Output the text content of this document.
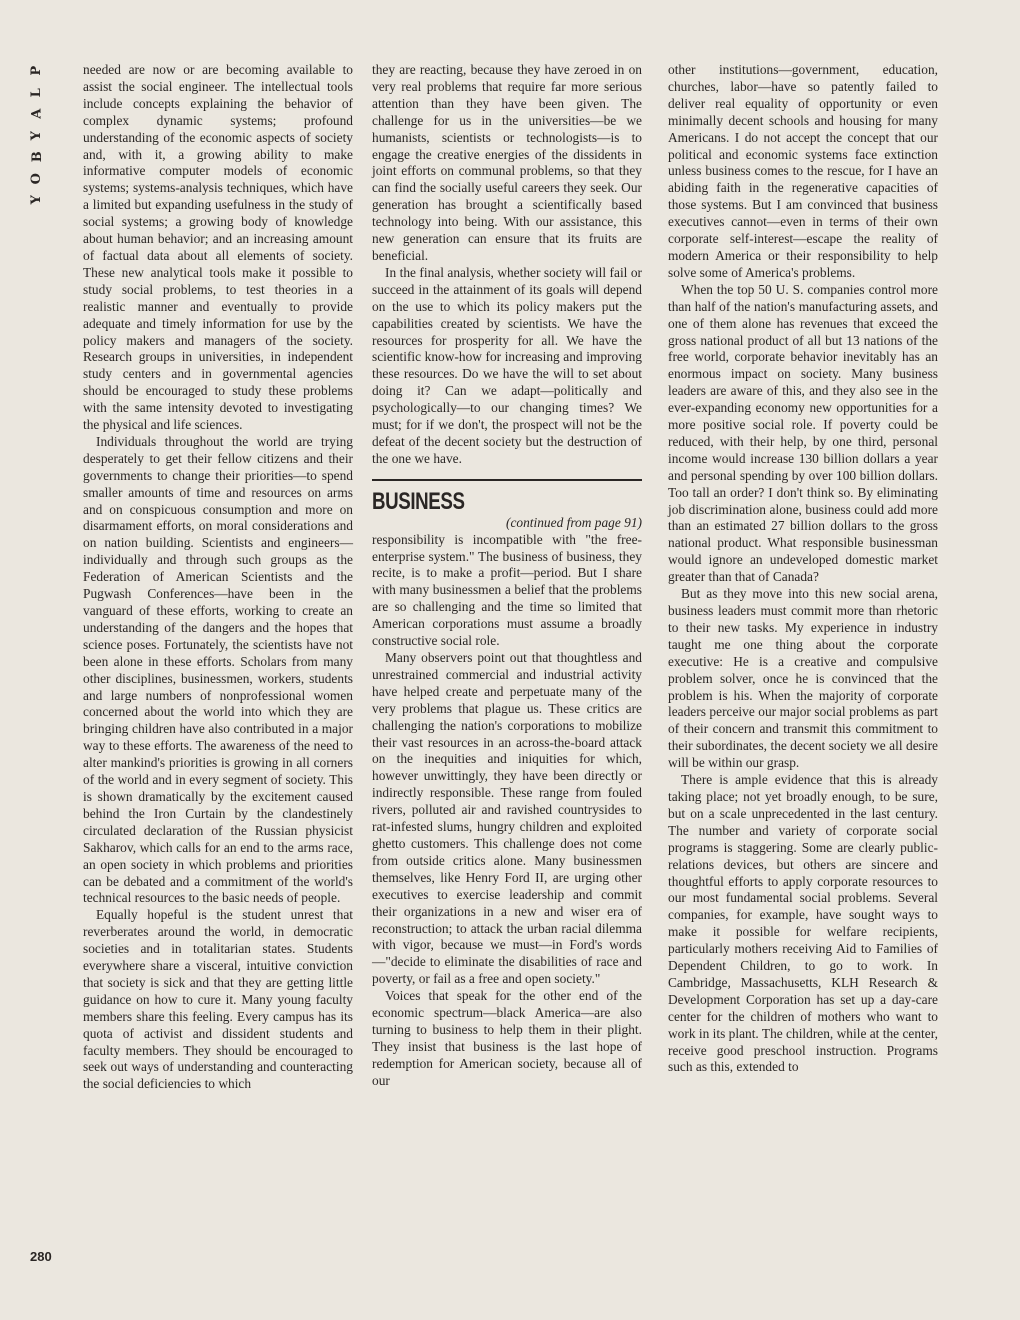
P
L
A
Y
B
O
Y
280

needed are now or are becoming available to assist the social engineer. The intellectual tools include concepts explaining the behavior of complex dynamic systems; profound understanding of the economic aspects of society and, with it, a growing ability to make informative computer models of economic systems; systems-analysis techniques, which have a limited but expanding usefulness in the study of social systems; a growing body of knowledge about human behavior; and an increasing amount of factual data about all elements of society. These new analytical tools make it possible to study social problems, to test theories in a realistic manner and eventually to provide adequate and timely information for use by the policy makers and managers of the society. Research groups in universities, in independent study centers and in governmental agencies should be encouraged to study these problems with the same intensity devoted to investigating the physical and life sciences.

Individuals throughout the world are trying desperately to get their fellow citizens and their governments to change their priorities—to spend smaller amounts of time and resources on arms and on conspicuous consumption and more on disarmament efforts, on moral considerations and on nation building. Scientists and engineers—individually and through such groups as the Federation of American Scientists and the Pugwash Conferences—have been in the vanguard of these efforts, working to create an understanding of the dangers and the hopes that science poses. Fortunately, the scientists have not been alone in these efforts. Scholars from many other disciplines, businessmen, workers, students and large numbers of nonprofessional women concerned about the world into which they are bringing children have also contributed in a major way to these efforts. The awareness of the need to alter mankind's priorities is growing in all corners of the world and in every segment of society. This is shown dramatically by the excitement caused behind the Iron Curtain by the clandestinely circulated declaration of the Russian physicist Sakharov, which calls for an end to the arms race, an open society in which problems and priorities can be debated and a commitment of the world's technical resources to the basic needs of people.

Equally hopeful is the student unrest that reverberates around the world, in democratic societies and in totalitarian states. Students everywhere share a visceral, intuitive conviction that society is sick and that they are getting little guidance on how to cure it. Many young faculty members share this feeling. Every campus has its quota of activist and dissident students and faculty members. They should be encouraged to seek out ways of understanding and counteracting the social deficiencies to which

they are reacting, because they have zeroed in on very real problems that require far more serious attention than they have been given. The challenge for us in the universities—be we humanists, scientists or technologists—is to engage the creative energies of the dissidents in joint efforts on communal problems, so that they can find the socially useful careers they seek. Our generation has brought a scientifically based technology into being. With our assistance, this new generation can ensure that its fruits are beneficial.

In the final analysis, whether society will fail or succeed in the attainment of its goals will depend on the use to which its policy makers put the capabilities created by scientists. We have the resources for prosperity for all. We have the scientific know-how for increasing and improving these resources. Do we have the will to set about doing it? Can we adapt—politically and psychologically—to our changing times? We must; for if we don't, the prospect will not be the defeat of the decent society but the destruction of the one we have.

BUSINESS

(continued from page 91)

responsibility is incompatible with "the free-enterprise system." The business of business, they recite, is to make a profit—period. But I share with many businessmen a belief that the problems are so challenging and the time so limited that American corporations must assume a broadly constructive social role.

Many observers point out that thoughtless and unrestrained commercial and industrial activity have helped create and perpetuate many of the very problems that plague us. These critics are challenging the nation's corporations to mobilize their vast resources in an across-the-board attack on the inequities and iniquities for which, however unwittingly, they have been directly or indirectly responsible. These range from fouled rivers, polluted air and ravished countrysides to rat-infested slums, hungry children and exploited ghetto customers. This challenge does not come from outside critics alone. Many businessmen themselves, like Henry Ford II, are urging other executives to exercise leadership and commit their organizations in a new and wiser era of reconstruction; to attack the urban racial dilemma with vigor, because we must—in Ford's words—"decide to eliminate the disabilities of race and poverty, or fail as a free and open society."

Voices that speak for the other end of the economic spectrum—black America—are also turning to business to help them in their plight. They insist that business is the last hope of redemption for American society, because all of our

other institutions—government, education, churches, labor—have so patently failed to deliver real equality of opportunity or even minimally decent schools and housing for many Americans. I do not accept the concept that our political and economic systems face extinction unless business comes to the rescue, for I have an abiding faith in the regenerative capacities of those systems. But I am convinced that business executives cannot—even in terms of their own corporate self-interest—escape the reality of modern America or their responsibility to help solve some of America's problems.

When the top 50 U. S. companies control more than half of the nation's manufacturing assets, and one of them alone has revenues that exceed the gross national product of all but 13 nations of the free world, corporate behavior inevitably has an enormous impact on society. Many business leaders are aware of this, and they also see in the ever-expanding economy new opportunities for a more positive social role. If poverty could be reduced, with their help, by one third, personal income would increase 130 billion dollars a year and personal spending by over 100 billion dollars. Too tall an order? I don't think so. By eliminating job discrimination alone, business could add more than an estimated 27 billion dollars to the gross national product. What responsible businessman would ignore an undeveloped domestic market greater than that of Canada?

But as they move into this new social arena, business leaders must commit more than rhetoric to their new tasks. My experience in industry taught me one thing about the corporate executive: He is a creative and compulsive problem solver, once he is convinced that the problem is his. When the majority of corporate leaders perceive our major social problems as part of their concern and transmit this commitment to their subordinates, the decent society we all desire will be within our grasp.

There is ample evidence that this is already taking place; not yet broadly enough, to be sure, but on a scale unprecedented in the last century. The number and variety of corporate social programs is staggering. Some are clearly public-relations devices, but others are sincere and thoughtful efforts to apply corporate resources to our most fundamental social problems. Several companies, for example, have sought ways to make it possible for welfare recipients, particularly mothers receiving Aid to Families of Dependent Children, to go to work. In Cambridge, Massachusetts, KLH Research & Development Corporation has set up a day-care center for the children of mothers who want to work in its plant. The children, while at the center, receive good preschool instruction. Programs such as this, extended to
